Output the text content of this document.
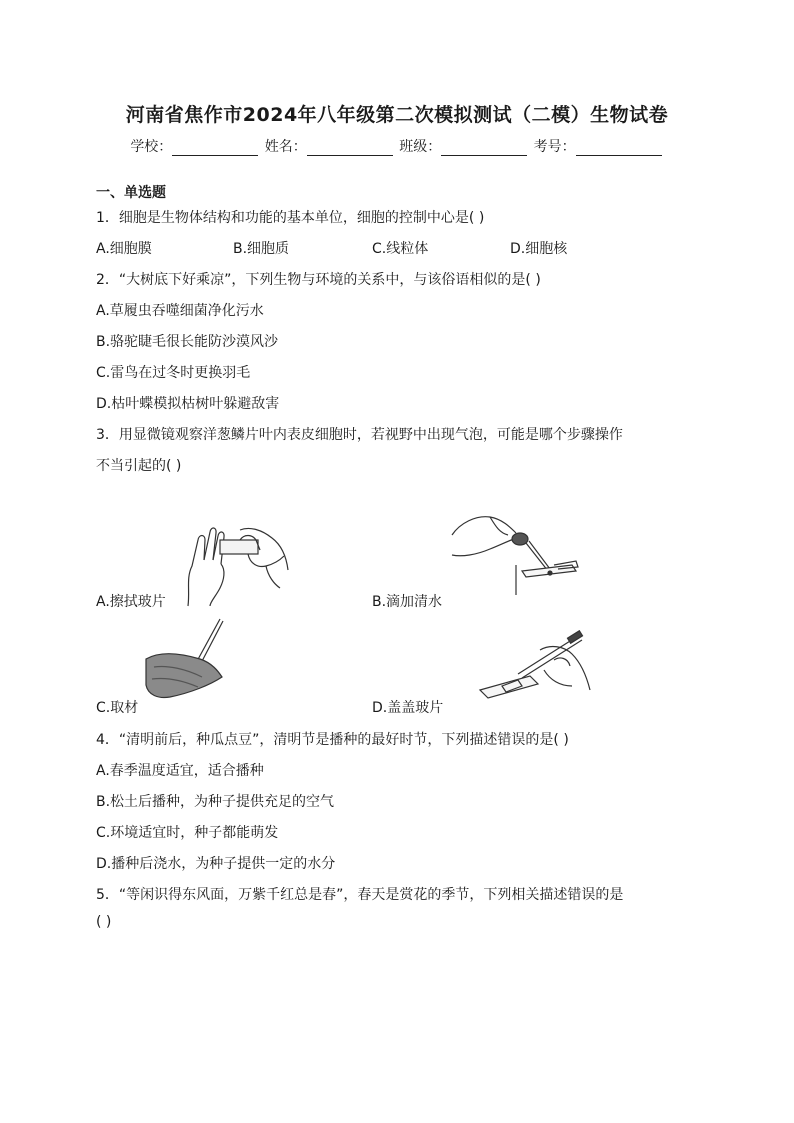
河南省焦作市2024年八年级第二次模拟测试（二模）生物试卷
学校：	姓名：	班级：	考号：
一、单选题
1．细胞是生物体结构和功能的基本单位，细胞的控制中心是( )
A.细胞膜	B.细胞质	C.线粒体	D.细胞核
2．“大树底下好乘凉”，下列生物与环境的关系中，与该俗语相似的是( )
A.草履虫吞噬细菌净化污水
B.骆驼睫毛很长能防沙漠风沙
C.雷鸟在过冬时更换羽毛
D.枯叶蝶模拟枯树叶躲避敌害
3．用显微镜观察洋葱鳞片叶内表皮细胞时，若视野中出现气泡，可能是哪个步骤操作
不当引起的( )
A.擦拭玻片	B.滴加清水
C.取材	D.盖盖玻片
4．“清明前后，种瓜点豆”，清明节是播种的最好时节，下列描述错误的是( )
A.春季温度适宜，适合播种
B.松土后播种，为种子提供充足的空气
C.环境适宜时，种子都能萌发
D.播种后浇水，为种子提供一定的水分
5．“等闲识得东风面，万紫千红总是春”，春天是赏花的季节，下列相关描述错误的是
( )
